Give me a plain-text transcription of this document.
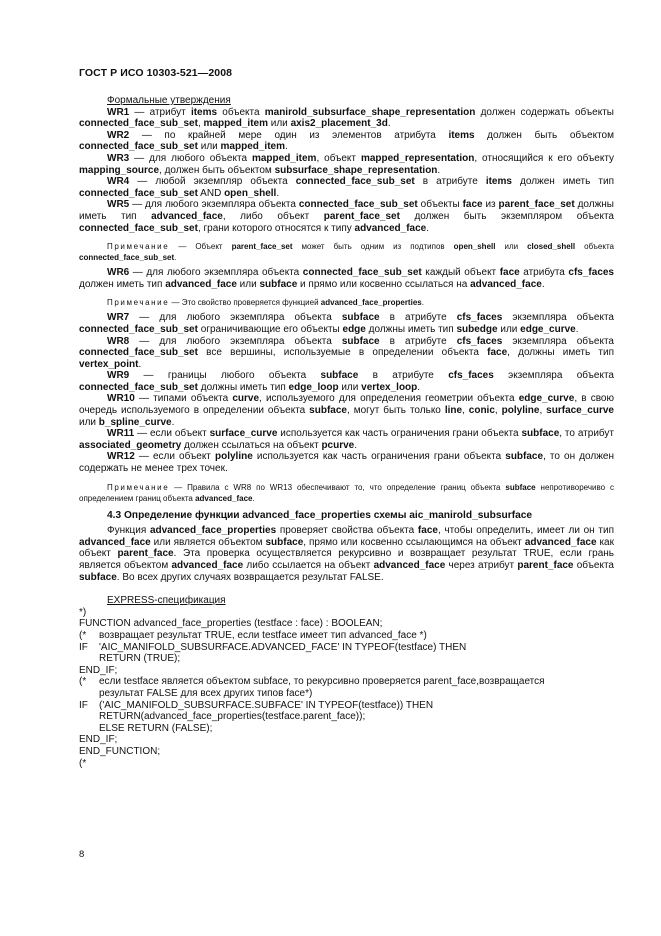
ГОСТ Р ИСО 10303-521—2008

Формальные утверждения

WR1 — атрибут items объекта manirold_subsurface_shape_representation должен содержать объекты connected_face_sub_set, mapped_item или axis2_placement_3d.

WR2 — по крайней мере один из элементов атрибута items должен быть объектом connected_face_sub_set или mapped_item.

WR3 — для любого объекта mapped_item, объект mapped_representation, относящийся к его объекту mapping_source, должен быть объектом subsurface_shape_representation.

WR4 — любой экземпляр объекта connected_face_sub_set в атрибуте items должен иметь тип connected_face_sub_set AND open_shell.

WR5 — для любого экземпляра объекта connected_face_sub_set объекты face из parent_face_set должны иметь тип advanced_face, либо объект parent_face_set должен быть экземпляром объекта connected_face_sub_set, грани которого относятся к типу advanced_face.

Примечание — Объект parent_face_set может быть одним из подтипов open_shell или closed_shell объекта connected_face_sub_set.

WR6 — для любого экземпляра объекта connected_face_sub_set каждый объект face атрибута cfs_faces должен иметь тип advanced_face или subface и прямо или косвенно ссылаться на advanced_face.

Примечание — Это свойство проверяется функцией advanced_face_properties.

WR7 — для любого экземпляра объекта subface в атрибуте cfs_faces экземпляра объекта connected_face_sub_set ограничивающие его объекты edge должны иметь тип subedge или edge_curve.

WR8 — для любого экземпляра объекта subface в атрибуте cfs_faces экземпляра объекта connected_face_sub_set все вершины, используемые в определении объекта face, должны иметь тип vertex_point.

WR9 — границы любого объекта subface в атрибуте cfs_faces экземпляра объекта connected_face_sub_set должны иметь тип edge_loop или vertex_loop.

WR10 — типами объекта curve, используемого для определения геометрии объекта edge_curve, в свою очередь используемого в определении объекта subface, могут быть только line, conic, polyline, surface_curve или b_spline_curve.

WR11 — если объект surface_curve используется как часть ограничения грани объекта subface, то атрибут associated_geometry должен ссылаться на объект pcurve.

WR12 — если объект polyline используется как часть ограничения грани объекта subface, то он должен содержать не менее трех точек.

Примечание — Правила с WR8 по WR13 обеспечивают то, что определение границ объекта subface непротиворечиво с определением границ объекта advanced_face.

4.3 Определение функции advanced_face_properties схемы aic_manirold_subsurface

Функция advanced_face_properties проверяет свойства объекта face, чтобы определить, имеет ли он тип advanced_face или является объектом subface, прямо или косвенно ссылающимся на объект advanced_face как объект parent_face. Эта проверка осуществляется рекурсивно и возвращает результат TRUE, если грань является объектом advanced_face либо ссылается на объект advanced_face через атрибут parent_face объекта subface. Во всех других случаях возвращается результат FALSE.

EXPRESS-спецификация

*)
FUNCTION advanced_face_properties (testface : face) : BOOLEAN;
(*	возвращает результат TRUE, если testface имеет тип advanced_face *)
IF	'AIC_MANIFOLD_SUBSURFACE.ADVANCED_FACE' IN TYPEOF(testface) THEN
RETURN (TRUE);
END_IF;
(*	если testface является объектом subface, то рекурсивно проверяется parent_face,возвращается
результат FALSE для всех других типов face*)
IF	('AIC_MANIFOLD_SUBSURFACE.SUBFACE' IN TYPEOF(testface)) THEN
RETURN(advanced_face_properties(testface.parent_face));
ELSE RETURN (FALSE);
END_IF;
END_FUNCTION;
(*
8
